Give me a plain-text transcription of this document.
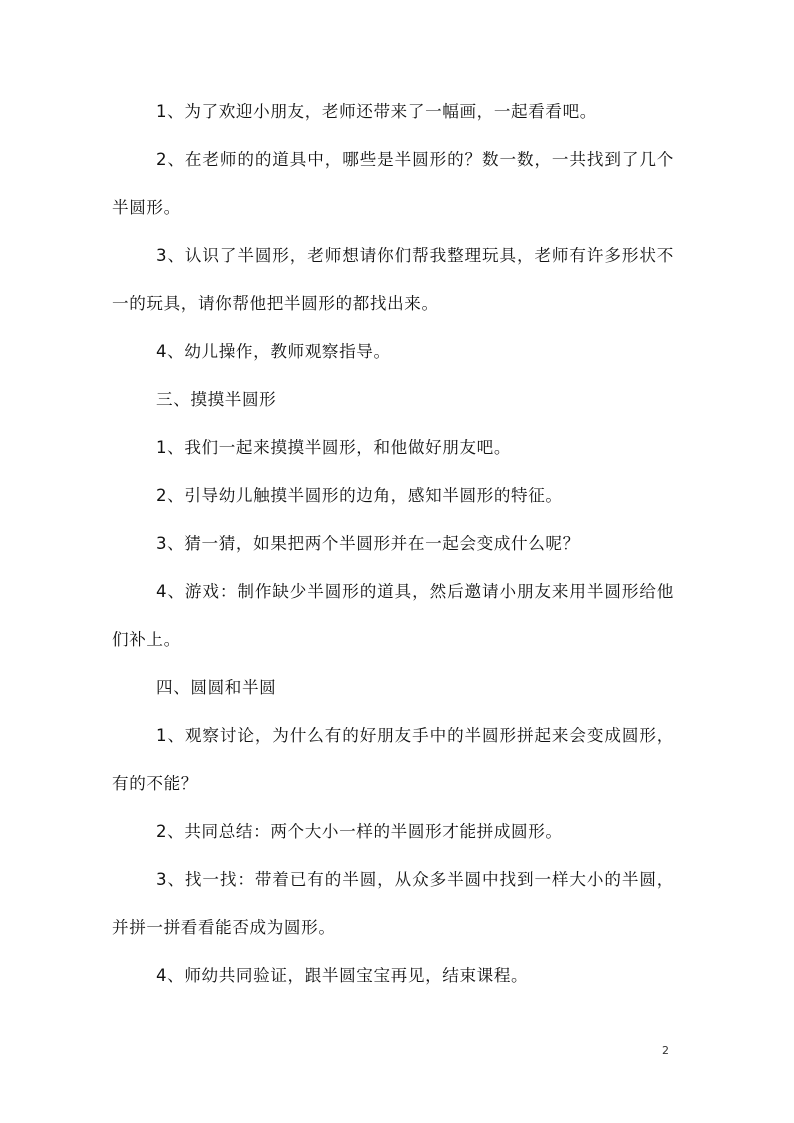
1、为了欢迎小朋友，老师还带来了一幅画，一起看看吧。

2、在老师的的道具中，哪些是半圆形的？数一数，一共找到了几个半圆形。

3、认识了半圆形，老师想请你们帮我整理玩具，老师有许多形状不一的玩具，请你帮他把半圆形的都找出来。

4、幼儿操作，教师观察指导。

三、摸摸半圆形

1、我们一起来摸摸半圆形，和他做好朋友吧。

2、引导幼儿触摸半圆形的边角，感知半圆形的特征。

3、猜一猜，如果把两个半圆形并在一起会变成什么呢？

4、游戏：制作缺少半圆形的道具，然后邀请小朋友来用半圆形给他们补上。

四、圆圆和半圆

1、观察讨论，为什么有的好朋友手中的半圆形拼起来会变成圆形，有的不能？

2、共同总结：两个大小一样的半圆形才能拼成圆形。

3、找一找：带着已有的半圆，从众多半圆中找到一样大小的半圆，并拼一拼看看能否成为圆形。

4、师幼共同验证，跟半圆宝宝再见，结束课程。

2
